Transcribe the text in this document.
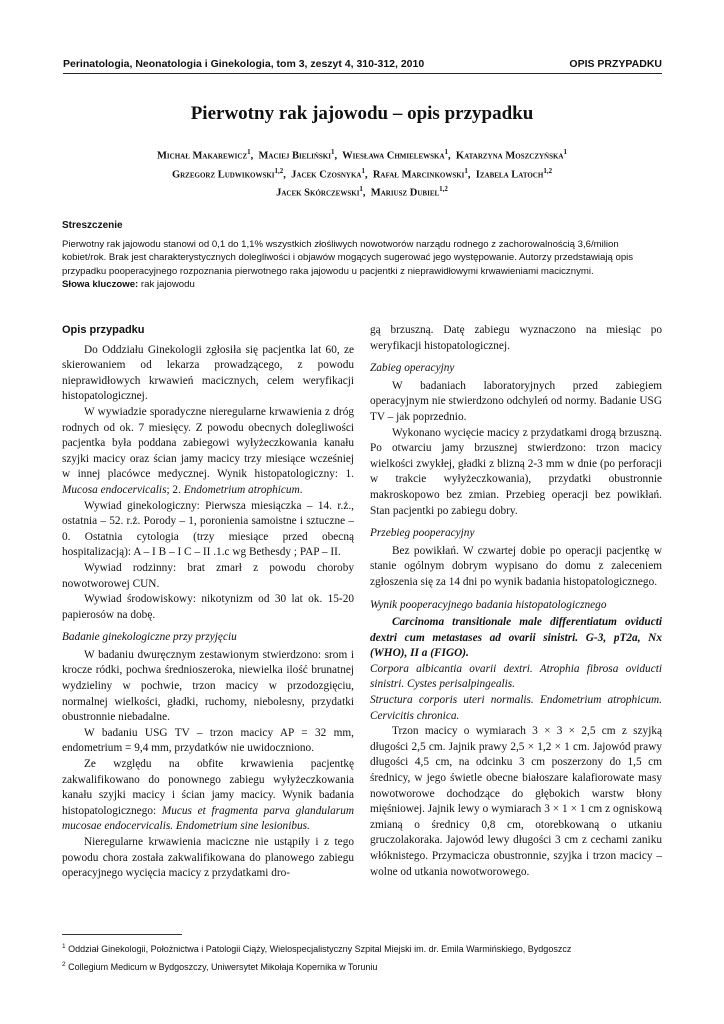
Perinatologia, Neonatologia i Ginekologia, tom 3, zeszyt 4, 310-312, 2010	OPIS PRZYPADKU
Pierwotny rak jajowodu – opis przypadku
Michał Makarewicz$^1$,  Maciej Bieliński$^1$,  Wiesława Chmielewska$^1$,  Katarzyna Moszczyńska$^1$
Grzegorz Ludwikowski$^{1,2}$,  Jacek Czosnyka$^1$,  Rafał Marcinkowski$^1$,  Izabela Latoch$^{1,2}$
Jacek Skórczewski$^1$,  Mariusz Dubiel$^{1,2}$
Streszczenie

Pierwotny rak jajowodu stanowi od 0,1 do 1,1% wszystkich złośliwych nowotworów narządu rodnego z zachorowalnością 3,6/milion kobiet/rok. Brak jest charakterystycznych dolegliwości i objawów mogących sugerować jego występowanie. Autorzy przedstawiają opis przypadku pooperacyjnego rozpoznania pierwotnego raka jajowodu u pacjentki z nieprawidłowymi krwawieniami macicznymi.

Słowa kluczowe: rak jajowodu

Opis przypadku

Do Oddziału Ginekologii zgłosiła się pacjentka lat 60, ze skierowaniem od lekarza prowadzącego, z powodu nieprawidłowych krwawień macicznych, celem weryfikacji histopatologicznej.

W wywiadzie sporadyczne nieregularne krwawienia z dróg rodnych od ok. 7 miesięcy. Z powodu obecnych dolegliwości pacjentka była poddana zabiegowi wyłyżeczkowania kanału szyjki macicy oraz ścian jamy macicy trzy miesiące wcześniej w innej placówce medycznej. Wynik histopatologiczny: 1. Mucosa endocervicalis; 2. Endometrium atrophicum.

Wywiad ginekologiczny: Pierwsza miesiączka – 14. r.ż., ostatnia – 52. r.ż. Porody – 1, poronienia samoistne i sztuczne – 0. Ostatnia cytologia (trzy miesiące przed obecną hospitalizacją): A – I B – I C – II .1.c wg Bethesdy ; PAP – II.

Wywiad rodzinny: brat zmarł z powodu choroby nowotworowej CUN.

Wywiad środowiskowy: nikotynizm od 30 lat ok. 15-20 papierosów na dobę.

Badanie ginekologiczne przy przyjęciu

W badaniu dwuręcznym zestawionym stwierdzono: srom i krocze ródki, pochwa średnioszeroka, niewielka ilość brunatnej wydzieliny w pochwie, trzon macicy w przodozgięciu, normalnej wielkości, gładki, ruchomy, niebolesny, przydatki obustronnie niebadalne.

W badaniu USG TV – trzon macicy AP = 32 mm, endometrium = 9,4 mm, przydatków nie uwidoczniono.

Ze względu na obfite krwawienia pacjentkę zakwalifikowano do ponownego zabiegu wyłyżeczkowania kanału szyjki macicy i ścian jamy macicy. Wynik badania histopatologicznego: Mucus et fragmenta parva glandularum mucosae endocervicalis. Endometrium sine lesionibus.

Nieregularne krwawienia maciczne nie ustąpiły i z tego powodu chora została zakwalifikowana do planowego zabiegu operacyjnego wycięcia macicy z przydatkami dro-

gą brzuszną. Datę zabiegu wyznaczono na miesiąc po weryfikacji histopatologicznej.

Zabieg operacyjny

W badaniach laboratoryjnych przed zabiegiem operacyjnym nie stwierdzono odchyleń od normy. Badanie USG TV – jak poprzednio.

Wykonano wycięcie macicy z przydatkami drogą brzuszną. Po otwarciu jamy brzusznej stwierdzono: trzon macicy wielkości zwykłej, gładki z blizną 2-3 mm w dnie (po perforacji w trakcie wyłyżeczkowania), przydatki obustronnie makroskopowo bez zmian. Przebieg operacji bez powikłań. Stan pacjentki po zabiegu dobry.

Przebieg pooperacyjny

Bez powikłań. W czwartej dobie po operacji pacjentkę w stanie ogólnym dobrym wypisano do domu z zaleceniem zgłoszenia się za 14 dni po wynik badania histopatologicznego.

Wynik pooperacyjnego badania histopatologicznego

Carcinoma transitionale male differentiatum oviducti dextri cum metastases ad ovarii sinistri. G-3, pT2a, Nx (WHO), II a (FIGO).

Corpora albicantia ovarii dextri. Atrophia fibrosa oviducti sinistri. Cystes perisalpingealis.

Structura corporis uteri normalis. Endometrium atrophicum. Cervicitis chronica.

Trzon macicy o wymiarach 3 × 3 × 2,5 cm z szyjką długości 2,5 cm. Jajnik prawy 2,5 × 1,2 × 1 cm. Jajowód prawy długości 4,5 cm, na odcinku 3 cm poszerzony do 1,5 cm średnicy, w jego świetle obecne białoszare kalafiorowate masy nowotworowe dochodzące do głębokich warstw błony mięśniowej. Jajnik lewy o wymiarach 3 × 1 × 1 cm z ogniskową zmianą o średnicy 0,8 cm, otorebkowaną o utkaniu gruczolakoraka. Jajowód lewy długości 3 cm z cechami zaniku włóknistego. Przymacicza obustronnie, szyjka i trzon macicy – wolne od utkania nowotworowego.

$^1$ Oddział Ginekologii, Położnictwa i Patologii Ciąży, Wielospecjalistyczny Szpital Miejski im. dr. Emila Warmińskiego, Bydgoszcz
$^2$ Collegium Medicum w Bydgoszczy, Uniwersytet Mikołaja Kopernika w Toruniu
